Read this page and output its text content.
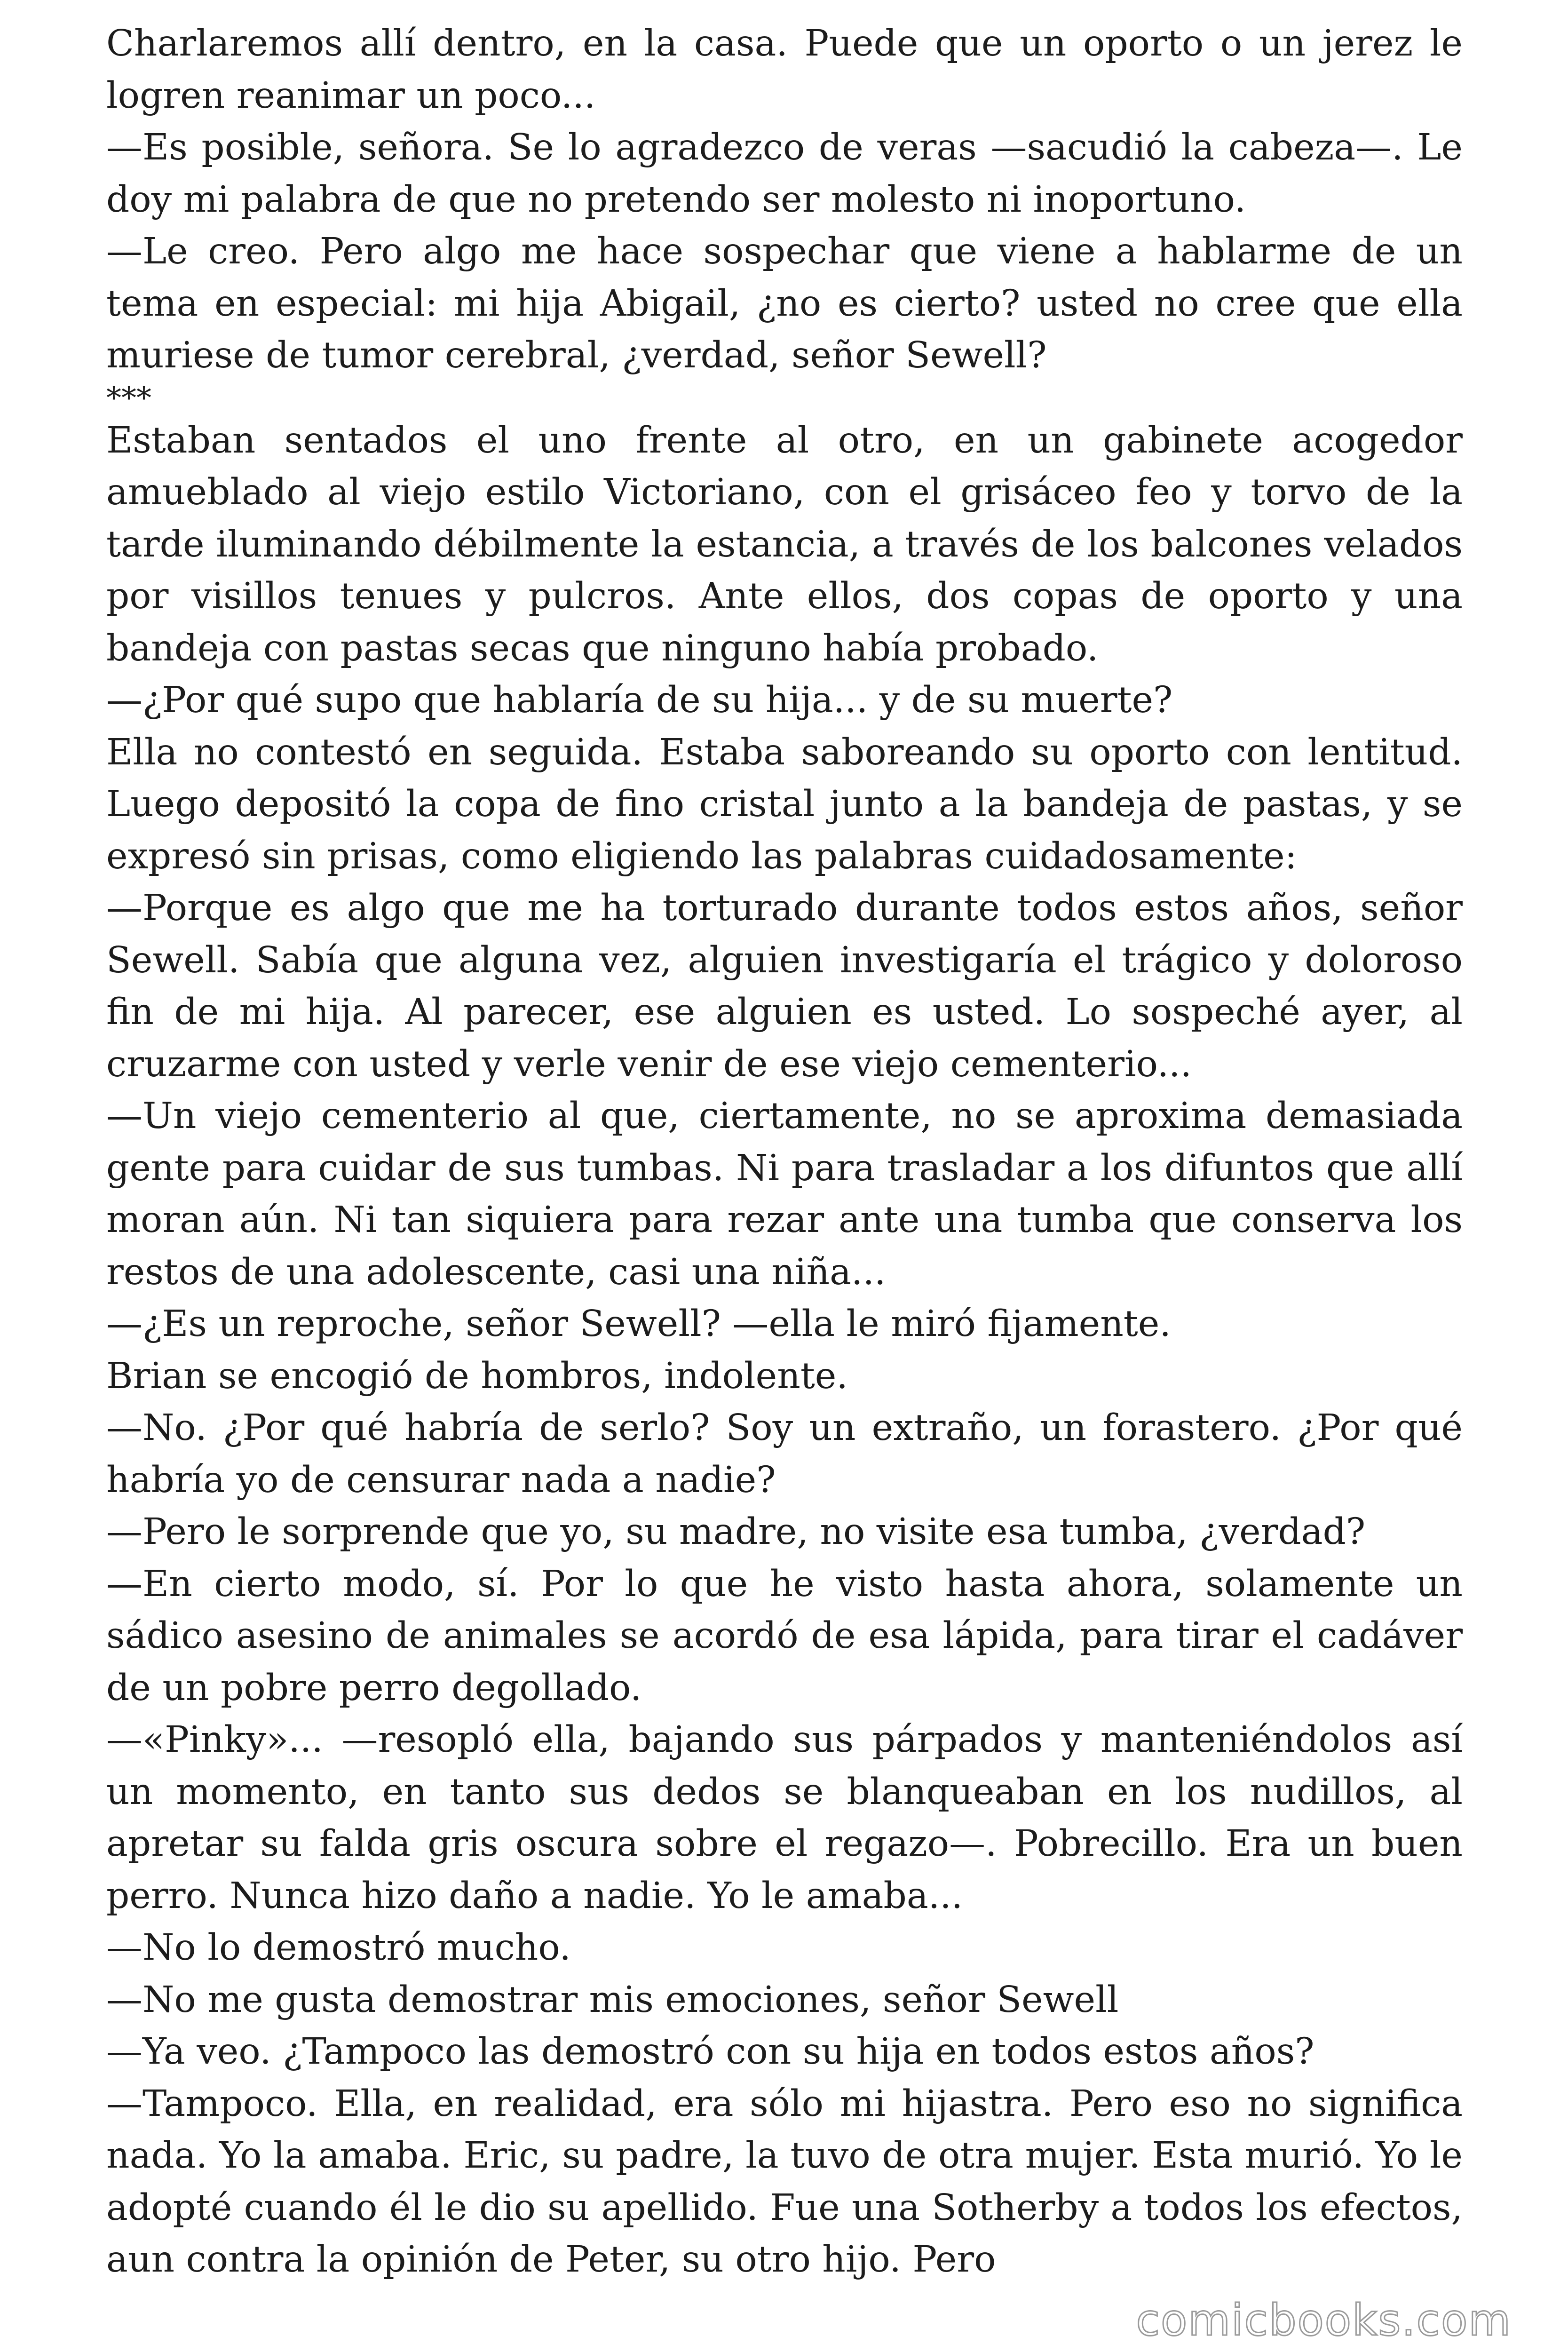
Charlaremos allí dentro, en la casa. Puede que un oporto o un jerez le logren reanimar un poco...

—Es posible, señora. Se lo agradezco de veras —sacudió la cabeza—. Le doy mi palabra de que no pretendo ser molesto ni inoportuno.

—Le creo. Pero algo me hace sospechar que viene a hablarme de un tema en especial: mi hija Abigail, ¿no es cierto? usted no cree que ella muriese de tumor cerebral, ¿verdad, señor Sewell?

***

Estaban sentados el uno frente al otro, en un gabinete acogedor amueblado al viejo estilo Victoriano, con el grisáceo feo y torvo de la tarde iluminando débilmente la estancia, a través de los balcones velados por visillos tenues y pulcros. Ante ellos, dos copas de oporto y una bandeja con pastas secas que ninguno había probado.

—¿Por qué supo que hablaría de su hija... y de su muerte?

Ella no contestó en seguida. Estaba saboreando su oporto con lentitud. Luego depositó la copa de fino cristal junto a la bandeja de pastas, y se expresó sin prisas, como eligiendo las palabras cuidadosamente:

—Porque es algo que me ha torturado durante todos estos años, señor Sewell. Sabía que alguna vez, alguien investigaría el trágico y doloroso fin de mi hija. Al parecer, ese alguien es usted. Lo sospeché ayer, al cruzarme con usted y verle venir de ese viejo cementerio...

—Un viejo cementerio al que, ciertamente, no se aproxima demasiada gente para cuidar de sus tumbas. Ni para trasladar a los difuntos que allí moran aún. Ni tan siquiera para rezar ante una tumba que conserva los restos de una adolescente, casi una niña...

—¿Es un reproche, señor Sewell? —ella le miró fijamente.

Brian se encogió de hombros, indolente.

—No. ¿Por qué habría de serlo? Soy un extraño, un forastero. ¿Por qué habría yo de censurar nada a nadie?

—Pero le sorprende que yo, su madre, no visite esa tumba, ¿verdad?

—En cierto modo, sí. Por lo que he visto hasta ahora, solamente un sádico asesino de animales se acordó de esa lápida, para tirar el cadáver de un pobre perro degollado.

—«Pinky»... —resopló ella, bajando sus párpados y manteniéndolos así un momento, en tanto sus dedos se blanqueaban en los nudillos, al apretar su falda gris oscura sobre el regazo—. Pobrecillo. Era un buen perro. Nunca hizo daño a nadie. Yo le amaba...

—No lo demostró mucho.

—No me gusta demostrar mis emociones, señor Sewell

—Ya veo. ¿Tampoco las demostró con su hija en todos estos años?

—Tampoco. Ella, en realidad, era sólo mi hijastra. Pero eso no significa nada. Yo la amaba. Eric, su padre, la tuvo de otra mujer. Esta murió. Yo le adopté cuando él le dio su apellido. Fue una Sotherby a todos los efectos, aun contra la opinión de Peter, su otro hijo. Pero

comicbooks.com
